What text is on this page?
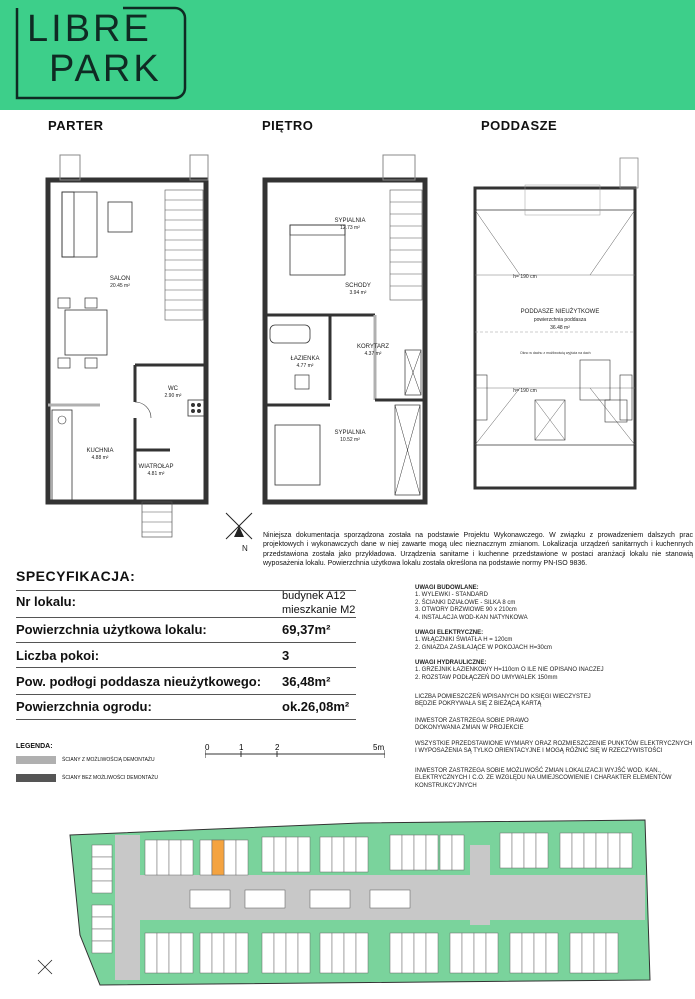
LIBRE
PARK
PARTER	PIĘTRO	PODDASZE
SALON
20.45 m²
WC
2.90 m²
KUCHNIA
4.88 m²
WIATROŁAP
4.81 m²
SYPIALNIA
12.73 m²
SCHODY
3.94 m²
KORYTARZ
4.37 m²
ŁAZIENKA
4.77 m²
SYPIALNIA
10.52 m²
h= 190 cm
h= 190 cm
PODDASZE NIEUŻYTKOWE
powierzchnia poddasza
36.48 m²
Okno w dachu z możliwością wyjścia na dach
N
Niniejsza dokumentacja sporządzona została na podstawie Projektu Wykonawczego. W związku z prowadzeniem dalszych prac projektowych i wykonawczych dane w niej zawarte mogą ulec nieznacznym zmianom. Lokalizacja urządzeń sanitarnych i kuchennych przedstawiona została jako przykładowa. Urządzenia sanitarne i kuchenne przedstawione w postaci aranżacji lokalu nie stanowią wyposażenia lokalu. Powierzchnia użytkowa lokalu została określona na podstawie normy PN-ISO 9836.
SPECYFIKACJA:
Nr lokalu:	budynek A12
mieszkanie M2
Powierzchnia użytkowa lokalu:	69,37m²
Liczba pokoi:	3
Pow. podłogi poddasza nieużytkowego: 36,48m²
Powierzchnia ogrodu:	ok.26,08m²
UWAGI BUDOWLANE:
1. WYLEWKI - STANDARD
2. ŚCIANKI DZIAŁOWE - SILKA 8 cm
3. OTWORY DRZWIOWE 90 x 210cm
4. INSTALACJA WOD-KAN NATYNKOWA
UWAGI ELEKTRYCZNE:
1. WŁĄCZNIKI ŚWIATŁA H = 120cm
2. GNIAZDA ZASILAJĄCE W POKOJACH H=30cm
UWAGI HYDRAULICZNE:
1. GRZEJNIK ŁAZIENKOWY H=110cm O ILE NIE OPISANO INACZEJ
2. ROZSTAW PODŁĄCZEŃ DO UMYWALEK 150mm
LICZBA POMIESZCZEŃ WPISANYCH DO KSIĘGI WIECZYSTEJ
BĘDZIE POKRYWAŁA SIĘ Z BIEŻĄCĄ KARTĄ
INWESTOR ZASTRZEGA SOBIE PRAWO
DOKONYWANIA ZMIAN W PROJEKCIE
WSZYSTKIE PRZEDSTAWIONE WYMIARY ORAZ ROZMIESZCZENIE PUNKTÓW ELEKTRYCZNYCH
I WYPOSAŻENIA SĄ TYLKO ORIENTACYJNE I MOGĄ RÓŻNIĆ SIĘ W RZECZYWISTOŚCI
INWESTOR ZASTRZEGA SOBIE MOŻLIWOŚĆ ZMIAN LOKALIZACJI WYJŚĆ WOD. KAN.,
ELEKTRYCZNYCH I C.O. ZE WZGLĘDU NA UMIEJSCOWIENIE I CHARAKTER ELEMENTÓW
KONSTRUKCYJNYCH
LEGENDA:
ŚCIANY Z MOŻLIWOŚCIĄ DEMONTAŻU
ŚCIANY BEZ MOŻLIWOŚCI DEMONTAŻU
0	1	2	5m
